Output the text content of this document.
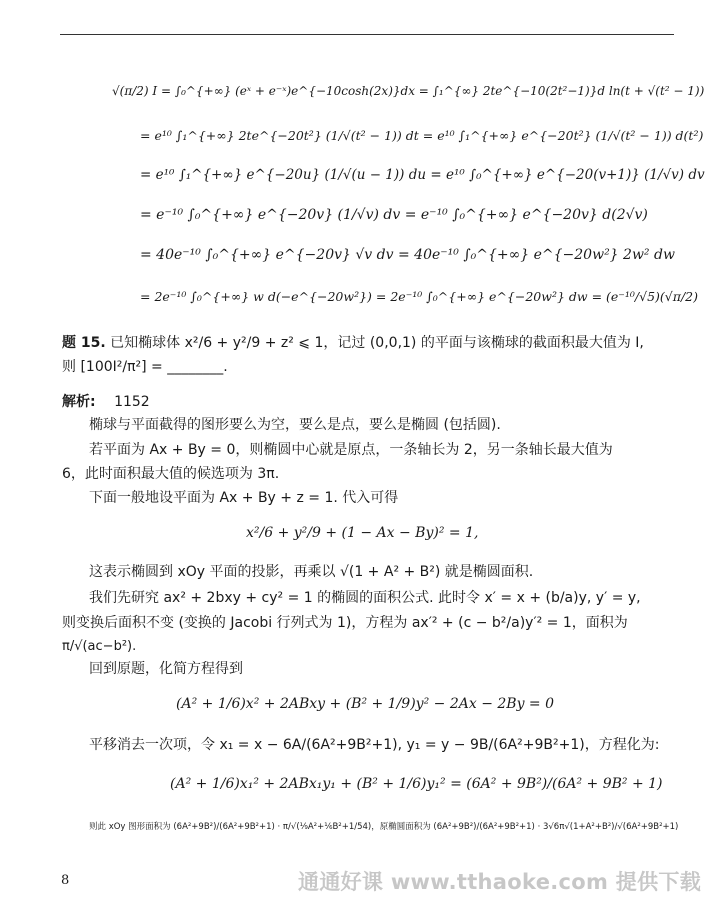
√(π/2) I = ∫₀^{+∞} (eˣ + e⁻ˣ)e^{−10cosh(2x)}dx = ∫₁^{∞} 2te^{−10(2t²−1)}d ln(t + √(t² − 1))
= e¹⁰ ∫₁^{+∞} 2te^{−20t²} (1/√(t² − 1)) dt = e¹⁰ ∫₁^{+∞} e^{−20t²} (1/√(t² − 1)) d(t²)
= e¹⁰ ∫₁^{+∞} e^{−20u} (1/√(u − 1)) du = e¹⁰ ∫₀^{+∞} e^{−20(v+1)} (1/√v) dv
= e⁻¹⁰ ∫₀^{+∞} e^{−20v} (1/√v) dv = e⁻¹⁰ ∫₀^{+∞} e^{−20v} d(2√v)
= 40e⁻¹⁰ ∫₀^{+∞} e^{−20v} √v dv = 40e⁻¹⁰ ∫₀^{+∞} e^{−20w²} 2w² dw
= 2e⁻¹⁰ ∫₀^{+∞} w d(−e^{−20w²}) = 2e⁻¹⁰ ∫₀^{+∞} e^{−20w²} dw = (e⁻¹⁰/√5)(√π/2)
题 15. 已知椭球体 x²/6 + y²/9 + z² ⩽ 1，记过 (0,0,1) 的平面与该椭球的截面积最大值为 I,
则 [100I²/π²] = ________.
解析: 1152
椭球与平面截得的图形要么为空，要么是点，要么是椭圆 (包括圆).
若平面为 Ax + By = 0，则椭圆中心就是原点，一条轴长为 2，另一条轴长最大值为
6，此时面积最大值的候选项为 3π.
下面一般地设平面为 Ax + By + z = 1. 代入可得
x²/6 + y²/9 + (1 − Ax − By)² = 1,
这表示椭圆到 xOy 平面的投影，再乘以 √(1 + A² + B²) 就是椭圆面积.
我们先研究 ax² + 2bxy + cy² = 1 的椭圆的面积公式. 此时令 x′ = x + (b/a)y, y′ = y,
则变换后面积不变 (变换的 Jacobi 行列式为 1)，方程为 ax′² + (c − b²/a)y′² = 1，面积为
π/√(ac−b²).
回到原题，化简方程得到
(A² + 1/6)x² + 2ABxy + (B² + 1/9)y² − 2Ax − 2By = 0
平移消去一次项，令 x₁ = x − 6A/(6A²+9B²+1), y₁ = y − 9B/(6A²+9B²+1)，方程化为:
(A² + 1/6)x₁² + 2ABx₁y₁ + (B² + 1/6)y₁² = (6A² + 9B²)/(6A² + 9B² + 1)
则此 xOy 图形面积为 (6A²+9B²)/(6A²+9B²+1) · π/√(⅑A²+⅙B²+1/54)，原椭圆面积为 (6A²+9B²)/(6A²+9B²+1) · 3√6π√(1+A²+B²)/√(6A²+9B²+1)
8	通通好课 www.tthaoke.com 提供下载
